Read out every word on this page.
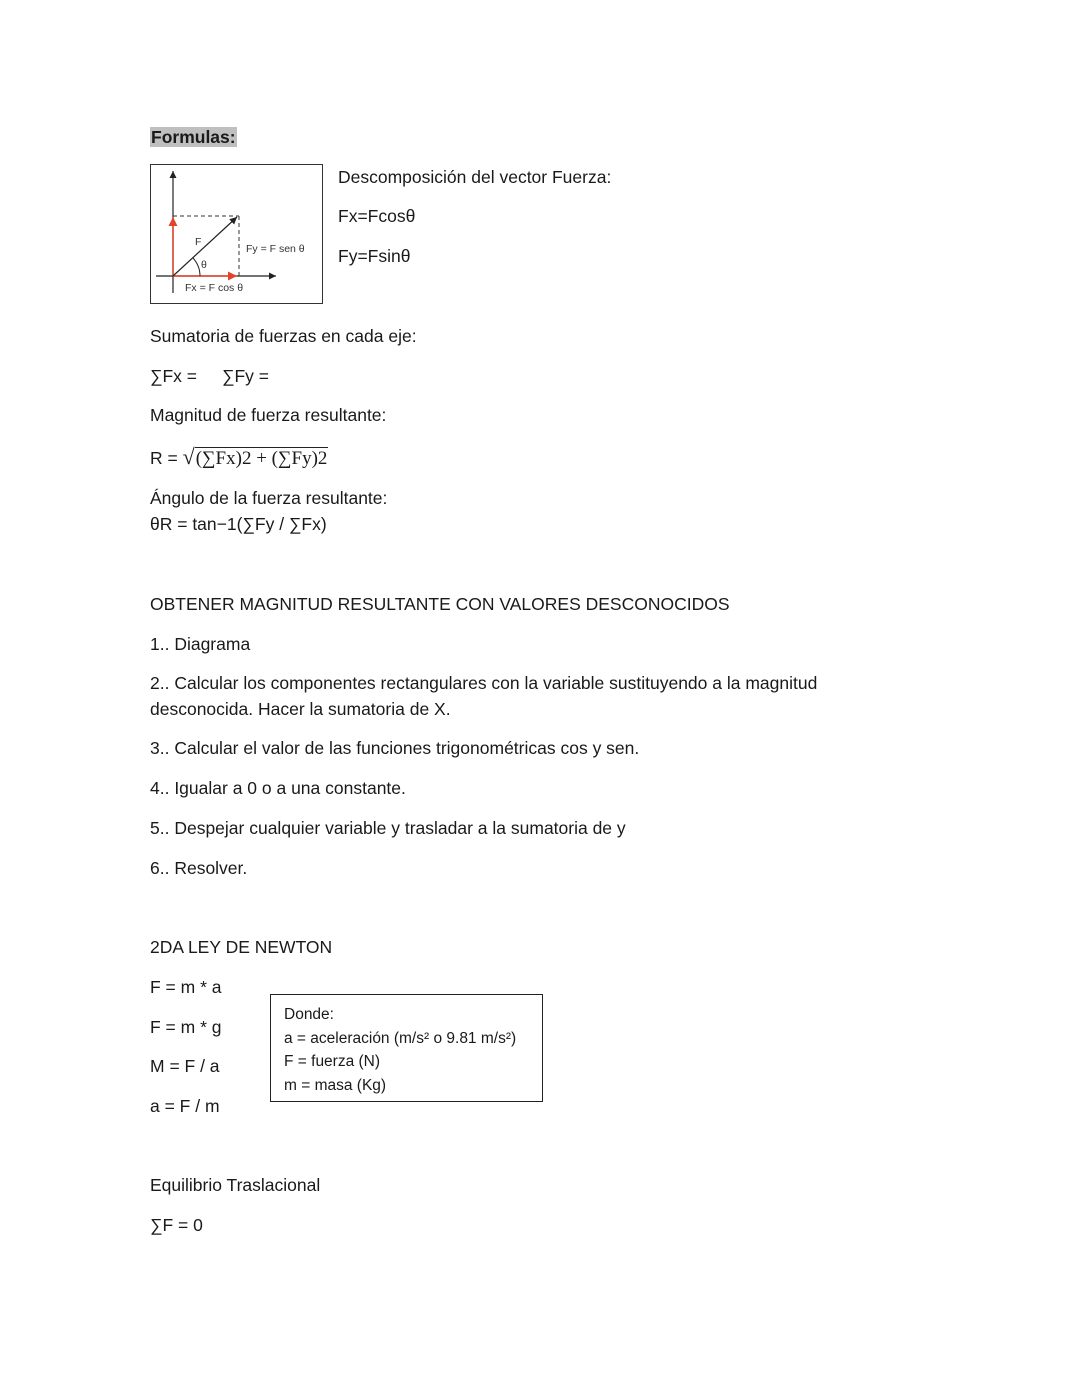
Formulas:
F
θ
Fy = F sen θ
Fx = F cos θ
Descomposición del vector Fuerza:
Fx=Fcosθ
Fy=Fsinθ
Sumatoria de fuerzas en cada eje:
∑Fx = ∑Fy =
Magnitud de fuerza resultante:
R = √(∑Fx)2 + (∑Fy)2
Ángulo de la fuerza resultante:
θR = tan−1(∑Fy / ∑Fx)
OBTENER MAGNITUD RESULTANTE CON VALORES DESCONOCIDOS
1.. Diagrama
2.. Calcular los componentes rectangulares con la variable sustituyendo a la magnitud
desconocida. Hacer la sumatoria de X.
3.. Calcular el valor de las funciones trigonométricas cos y sen.
4.. Igualar a 0 o a una constante.
5.. Despejar cualquier variable y trasladar a la sumatoria de y
6.. Resolver.
2DA LEY DE NEWTON
F = m * a
F = m * g
M = F / a
a = F / m
Donde:
a = aceleración (m/s² o 9.81 m/s²)
F = fuerza (N)
m = masa (Kg)
Equilibrio Traslacional
∑F = 0
